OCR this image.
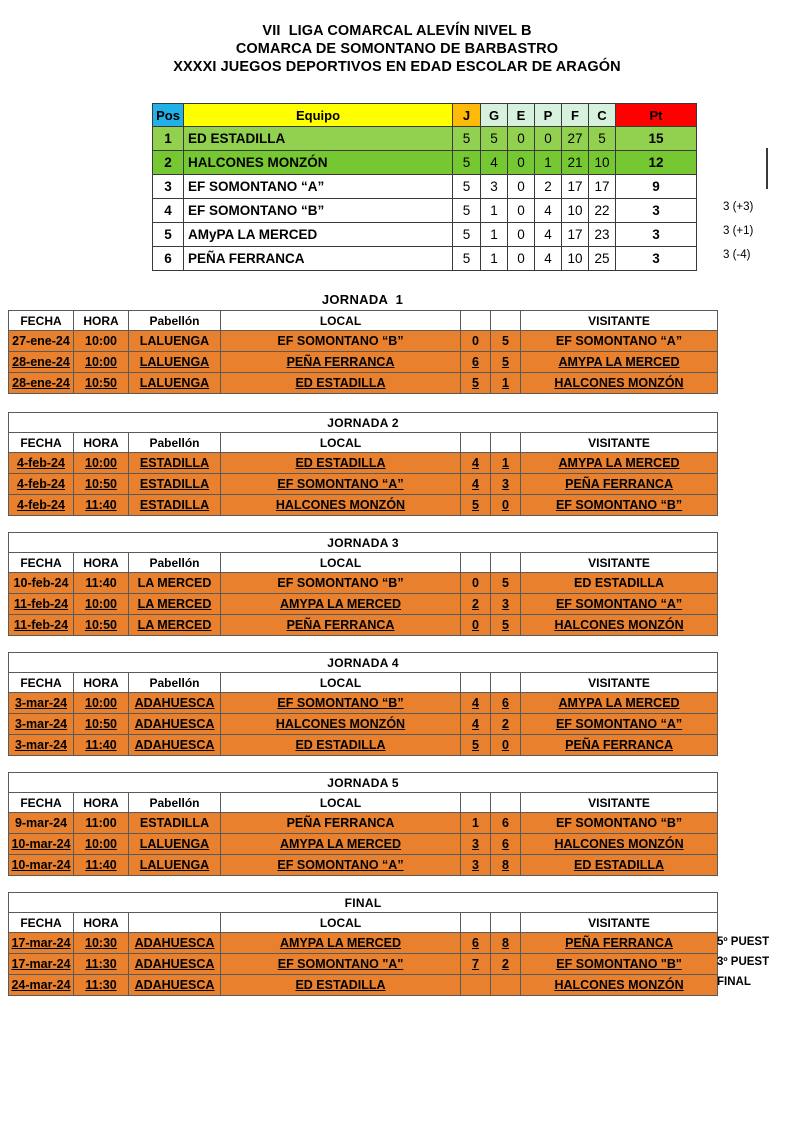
VII  LIGA COMARCAL ALEVÍN NIVEL B
COMARCA DE SOMONTANO DE BARBASTRO
XXXXI JUEGOS DEPORTIVOS EN EDAD ESCOLAR DE ARAGÓN
Pos	Equipo	J	G	E	P	F	C	Pt
1	ED ESTADILLA	5	5	0	0	27	5	15
2	HALCONES MONZÓN	5	4	0	1	21	10	12
3	EF SOMONTANO “A”	5	3	0	2	17	17	9
4	EF SOMONTANO “B”	5	1	0	4	10	22	3
5	AMyPA LA MERCED	5	1	0	4	17	23	3
6	PEÑA FERRANCA	5	1	0	4	10	25	3
3 (+3)
3 (+1)
3 (-4)
JORNADA  1
FECHA	HORA	Pabellón	LOCAL			VISITANTE
27-ene-24	10:00	LALUENGA	EF SOMONTANO “B”	0	5	EF SOMONTANO “A”
28-ene-24	10:00	LALUENGA	PEÑA FERRANCA	6	5	AMYPA LA MERCED
28-ene-24	10:50	LALUENGA	ED ESTADILLA	5	1	HALCONES MONZÓN
JORNADA 2						
FECHA	HORA	Pabellón	LOCAL			VISITANTE
4-feb-24	10:00	ESTADILLA	ED ESTADILLA	4	1	AMYPA LA MERCED
4-feb-24	10:50	ESTADILLA	EF SOMONTANO “A”	4	3	PEÑA FERRANCA
4-feb-24	11:40	ESTADILLA	HALCONES MONZÓN	5	0	EF SOMONTANO “B”
JORNADA 3						
FECHA	HORA	Pabellón	LOCAL			VISITANTE
10-feb-24	11:40	LA MERCED	EF SOMONTANO “B”	0	5	ED ESTADILLA
11-feb-24	10:00	LA MERCED	AMYPA LA MERCED	2	3	EF SOMONTANO “A”
11-feb-24	10:50	LA MERCED	PEÑA FERRANCA	0	5	HALCONES MONZÓN
JORNADA 4						
FECHA	HORA	Pabellón	LOCAL			VISITANTE
3-mar-24	10:00	ADAHUESCA	EF SOMONTANO “B”	4	6	AMYPA LA MERCED
3-mar-24	10:50	ADAHUESCA	HALCONES MONZÓN	4	2	EF SOMONTANO “A”
3-mar-24	11:40	ADAHUESCA	ED ESTADILLA	5	0	PEÑA FERRANCA
JORNADA 5						
FECHA	HORA	Pabellón	LOCAL			VISITANTE
9-mar-24	11:00	ESTADILLA	PEÑA FERRANCA	1	6	EF SOMONTANO “B”
10-mar-24	10:00	LALUENGA	AMYPA LA MERCED	3	6	HALCONES MONZÓN
10-mar-24	11:40	LALUENGA	EF SOMONTANO “A”	3	8	ED ESTADILLA
FINAL						
FECHA	HORA		LOCAL			VISITANTE
17-mar-24	10:30	ADAHUESCA	AMYPA LA MERCED	6	8	PEÑA FERRANCA
17-mar-24	11:30	ADAHUESCA	EF SOMONTANO "A"	7	2	EF SOMONTANO "B"
24-mar-24	11:30	ADAHUESCA	ED ESTADILLA			HALCONES MONZÓN
5º PUEST
3º PUEST
FINAL
